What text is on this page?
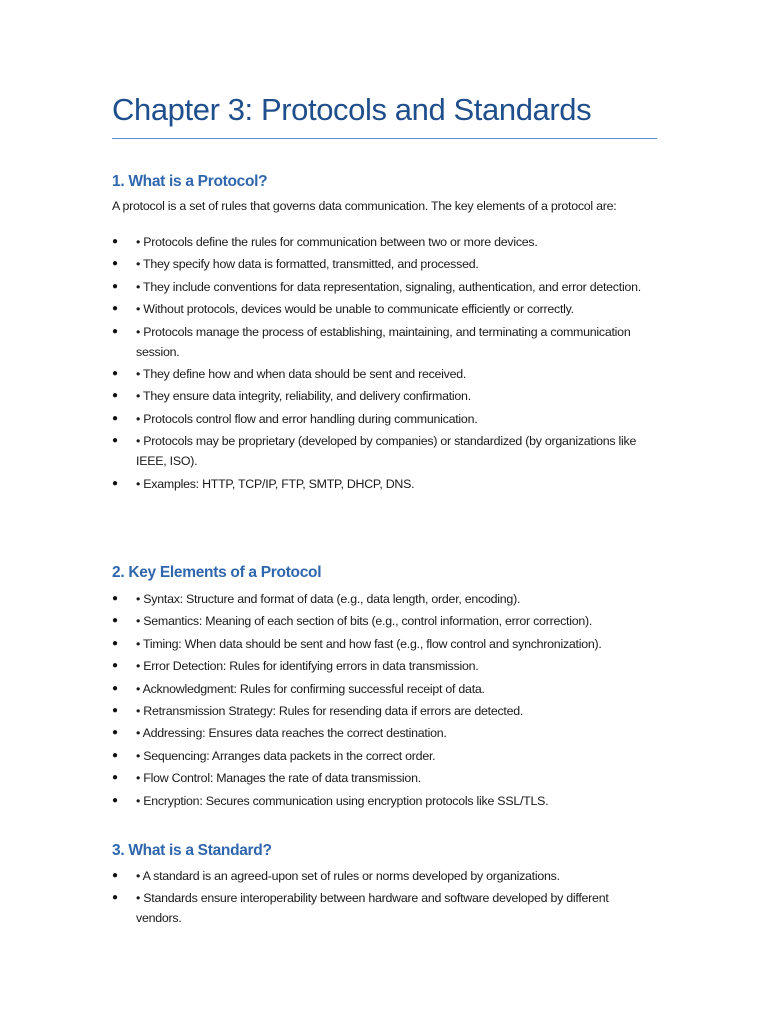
Chapter 3: Protocols and Standards
1. What is a Protocol?

A protocol is a set of rules that governs data communication. The key elements of a protocol are:

● • Protocols define the rules for communication between two or more devices.
● • They specify how data is formatted, transmitted, and processed.
● • They include conventions for data representation, signaling, authentication, and error detection.
● • Without protocols, devices would be unable to communicate efficiently or correctly.
● • Protocols manage the process of establishing, maintaining, and terminating a communication session.
● • They define how and when data should be sent and received.
● • They ensure data integrity, reliability, and delivery confirmation.
● • Protocols control flow and error handling during communication.
● • Protocols may be proprietary (developed by companies) or standardized (by organizations like IEEE, ISO).
● • Examples: HTTP, TCP/IP, FTP, SMTP, DHCP, DNS.
2. Key Elements of a Protocol
● • Syntax: Structure and format of data (e.g., data length, order, encoding).
● • Semantics: Meaning of each section of bits (e.g., control information, error correction).
● • Timing: When data should be sent and how fast (e.g., flow control and synchronization).
● • Error Detection: Rules for identifying errors in data transmission.
● • Acknowledgment: Rules for confirming successful receipt of data.
● • Retransmission Strategy: Rules for resending data if errors are detected.
● • Addressing: Ensures data reaches the correct destination.
● • Sequencing: Arranges data packets in the correct order.
● • Flow Control: Manages the rate of data transmission.
● • Encryption: Secures communication using encryption protocols like SSL/TLS.
3. What is a Standard?
● • A standard is an agreed-upon set of rules or norms developed by organizations.
● • Standards ensure interoperability between hardware and software developed by different vendors.
